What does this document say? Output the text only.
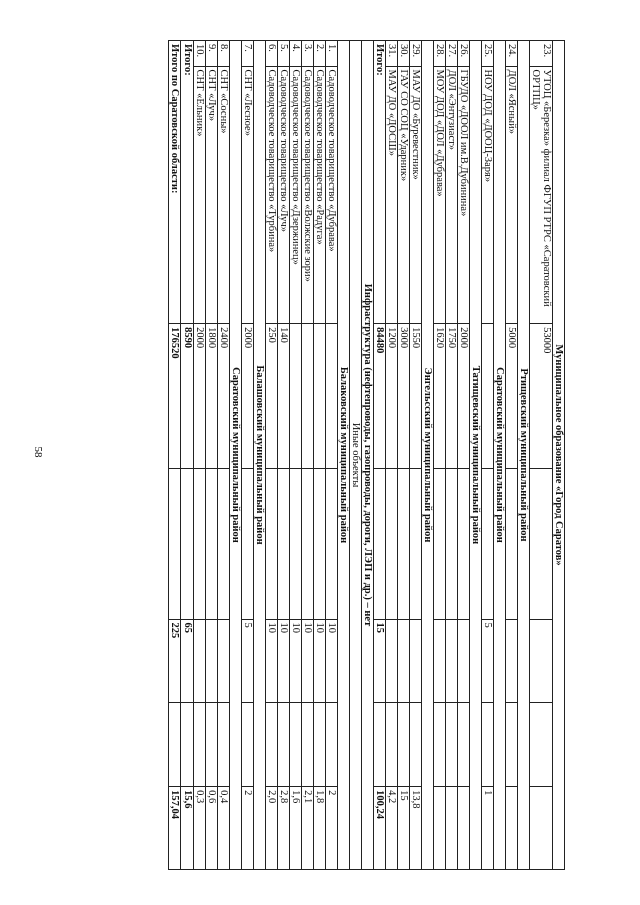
58	Муниципальное образование «Город Саратов»						
23.	УТОЦ «Березка» филиал ФГУП РТРС «Саратовский ОРТПЦ»	53000				
Ртищевский муниципальный район						
24.	ДОЛ «Ясный»	5000				
Саратовский муниципальный район						
25.	НОУ ДОД «ДООЦ-Заря»			5		1
Татищевский муниципальный район						
26.	ГБУДО «ДООЛ им.В.Дубинина»	2000				
27.	ДОЛ «Энтузиаст»	1750				
28.	МОУ ДОД «ДОЛ «Дубрава»	1620				
Энгельсский муниципальный район						
29.	МАУ ДО «Буревестник»	1550				13,8
30.	ГАУ СО СОЦ «Ударник»	3000				15
31.	МАУ ДО «ДОСШ»	1200				4,2
Итого:		84480		15		100,24
Инфраструктура (нефтепроводы, газопроводы, дороги, ЛЭП и др.) – нет						
Иные объекты						
Балаковский муниципальный район						
1.	Садоводческое товарищество «Дубрава»			10		2
2.	Садоводческое товарищество «Радуга»			10		1,8
3.	Садоводческое товарищество «Волжские зори»			10		2,1
4.	Садоводческое товарищество «Дзержинец»			10		1,6
5.	Садоводческое товарищество «Луч»	140		10		2,8
6.	Садоводческое товарищество «Турбина»	250		10		2,0
Балашовский муниципальный район						
7.	СНТ «Лесное»	2000		5		2
Саратовский муниципальный район						
8.	СНТ «Сосны»	2400				0,4
9.	СНТ «Луч»	1800				0,6
10.	СНТ «Ельник»	2000				0,3
Итого:		8590		65		15,6
Итого по Саратовской области:		176520		225		157,04
